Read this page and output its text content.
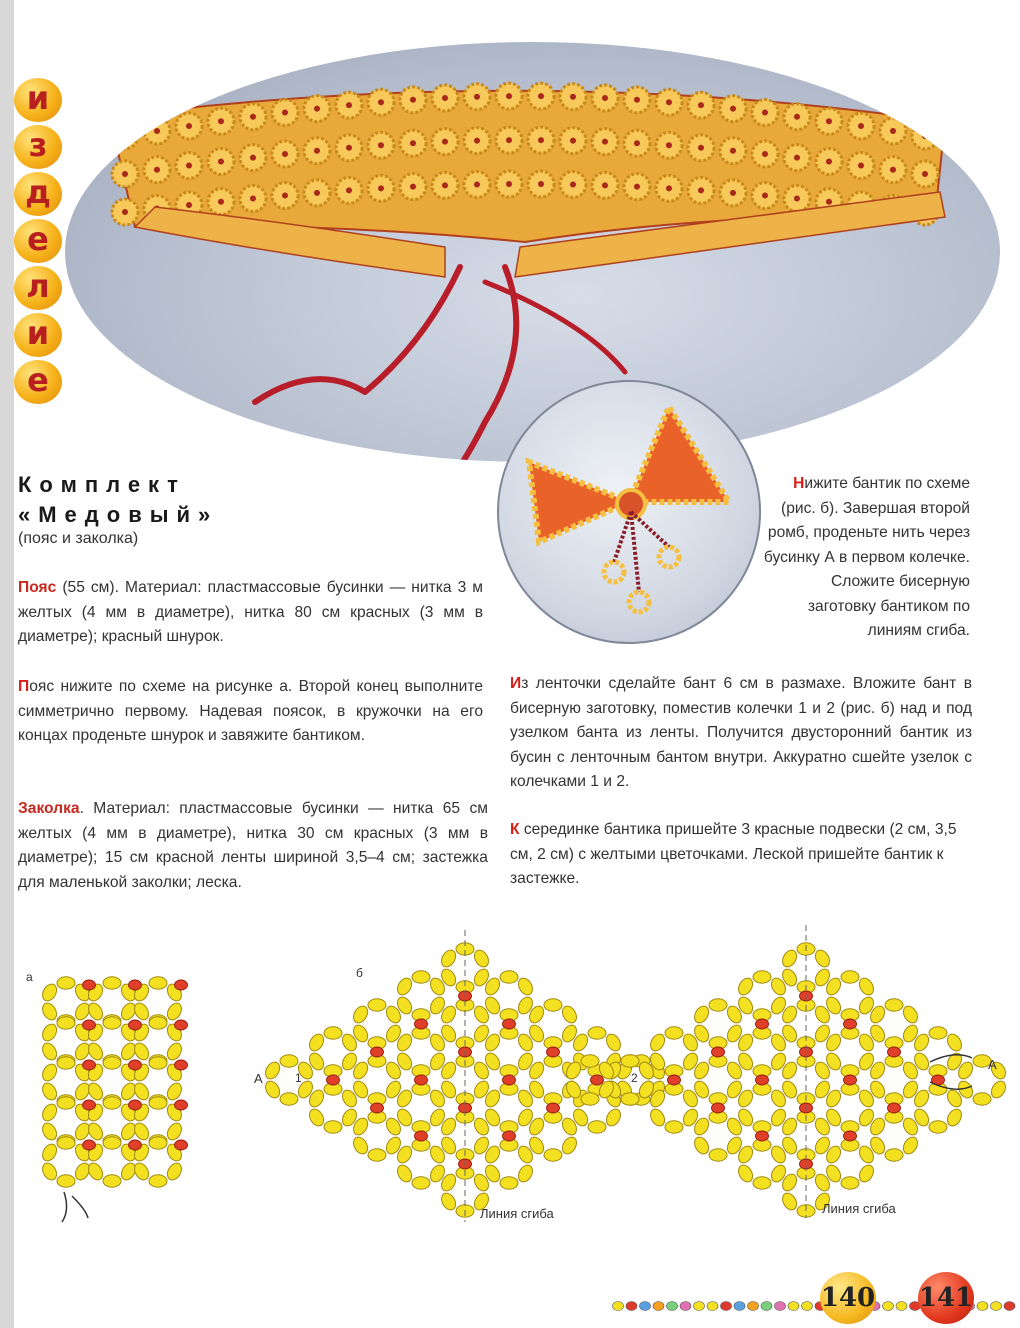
и
з
д
е
л
и
е
Комплект
«Медовый»
(пояс и заколка)
Пояс (55 см). Материал: пластмассовые бусинки — нитка 3 м желтых (4 мм в диаметре), нитка 80 см красных (3 мм в диаметре); красный шнурок.
Пояс нижите по схеме на рисунке а. Второй конец выполните симметрично первому. Надевая поясок, в кружочки на его концах проденьте шнурок и завяжите бантиком.
Заколка. Материал: пластмассовые бусинки — нитка 65 см желтых (4 мм в диаметре), нитка 30 см красных (3 мм в диаметре); 15 см красной ленты шириной 3,5–4 см; застежка для маленькой заколки; леска.
Нижите бантик по схеме (рис. б). Завершая второй ромб, проденьте нить через бусинку А в первом колечке. Сложите бисерную заготовку бантиком по линиям сгиба.
Из ленточки сделайте бант 6 см в размахе. Вложите бант в бисерную заготовку, поместив колечки 1 и 2 (рис. б) над и под узелком банта из ленты. Получится двусторонний бантик из бусин с ленточным бантом внутри. Аккуратно сшейте узелок с колечками 1 и 2.
К серединке бантика пришейте 3 красные подвески (2 см, 3,5 см, 2 см) с желтыми цветочками. Леской пришейте бантик к застежке.
а	б
А
А
1	2
Линия сгиба	Линия сгиба
140 141
